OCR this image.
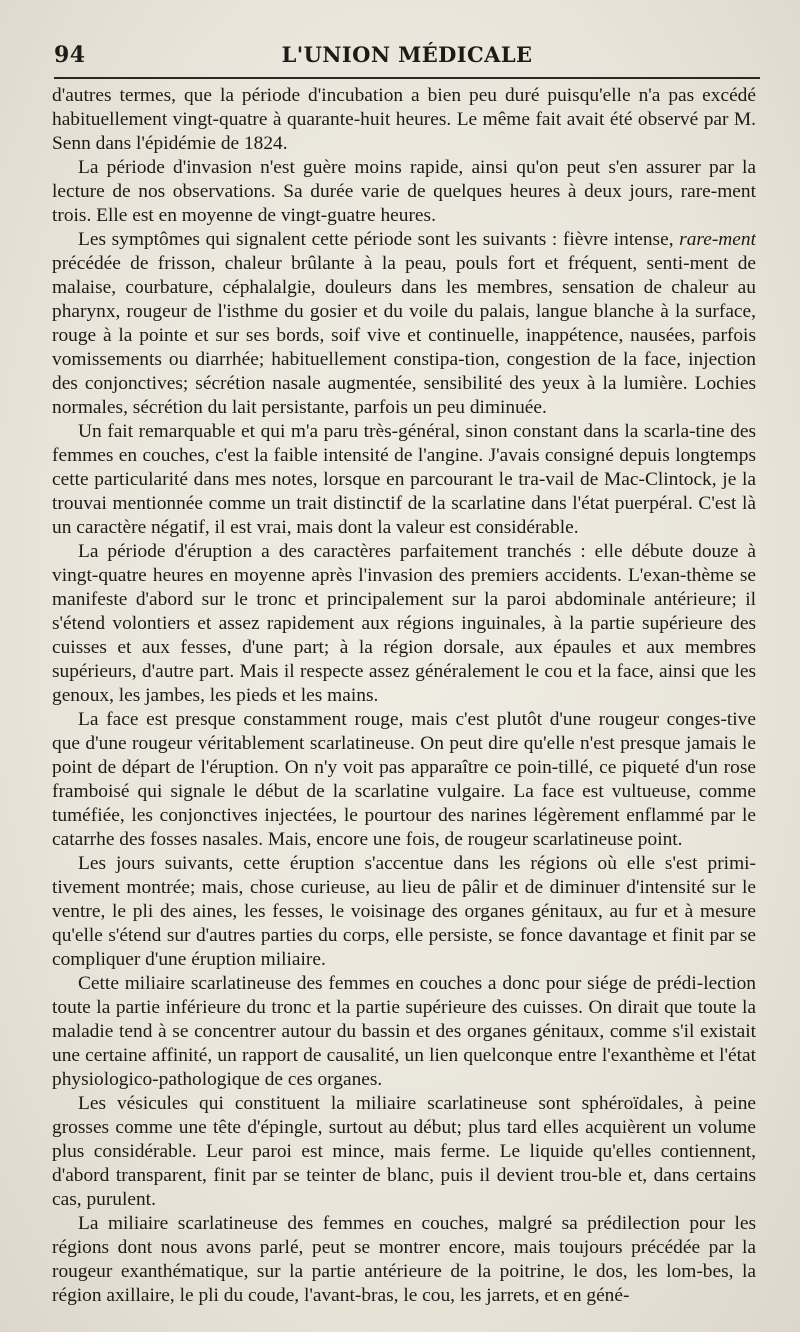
94	L'UNION MÉDICALE

d'autres termes, que la période d'incubation a bien peu duré puisqu'elle n'a pas excédé habituellement vingt-quatre à quarante-huit heures. Le même fait avait été observé par M. Senn dans l'épidémie de 1824.

La période d'invasion n'est guère moins rapide, ainsi qu'on peut s'en assurer par la lecture de nos observations. Sa durée varie de quelques heures à deux jours, rare-ment trois. Elle est en moyenne de vingt-guatre heures.

Les symptômes qui signalent cette période sont les suivants : fièvre intense, rare-ment précédée de frisson, chaleur brûlante à la peau, pouls fort et fréquent, senti-ment de malaise, courbature, céphalalgie, douleurs dans les membres, sensation de chaleur au pharynx, rougeur de l'isthme du gosier et du voile du palais, langue blanche à la surface, rouge à la pointe et sur ses bords, soif vive et continuelle, inappétence, nausées, parfois vomissements ou diarrhée; habituellement constipa-tion, congestion de la face, injection des conjonctives; sécrétion nasale augmentée, sensibilité des yeux à la lumière. Lochies normales, sécrétion du lait persistante, parfois un peu diminuée.

Un fait remarquable et qui m'a paru très-général, sinon constant dans la scarla-tine des femmes en couches, c'est la faible intensité de l'angine. J'avais consigné depuis longtemps cette particularité dans mes notes, lorsque en parcourant le tra-vail de Mac-Clintock, je la trouvai mentionnée comme un trait distinctif de la scarlatine dans l'état puerpéral. C'est là un caractère négatif, il est vrai, mais dont la valeur est considérable.

La période d'éruption a des caractères parfaitement tranchés : elle débute douze à vingt-quatre heures en moyenne après l'invasion des premiers accidents. L'exan-thème se manifeste d'abord sur le tronc et principalement sur la paroi abdominale antérieure; il s'étend volontiers et assez rapidement aux régions inguinales, à la partie supérieure des cuisses et aux fesses, d'une part; à la région dorsale, aux épaules et aux membres supérieurs, d'autre part. Mais il respecte assez généralement le cou et la face, ainsi que les genoux, les jambes, les pieds et les mains.

La face est presque constamment rouge, mais c'est plutôt d'une rougeur conges-tive que d'une rougeur véritablement scarlatineuse. On peut dire qu'elle n'est presque jamais le point de départ de l'éruption. On n'y voit pas apparaître ce poin-tillé, ce piqueté d'un rose framboisé qui signale le début de la scarlatine vulgaire. La face est vultueuse, comme tuméfiée, les conjonctives injectées, le pourtour des narines légèrement enflammé par le catarrhe des fosses nasales. Mais, encore une fois, de rougeur scarlatineuse point.

Les jours suivants, cette éruption s'accentue dans les régions où elle s'est primi-tivement montrée; mais, chose curieuse, au lieu de pâlir et de diminuer d'intensité sur le ventre, le pli des aines, les fesses, le voisinage des organes génitaux, au fur et à mesure qu'elle s'étend sur d'autres parties du corps, elle persiste, se fonce davantage et finit par se compliquer d'une éruption miliaire.

Cette miliaire scarlatineuse des femmes en couches a donc pour siége de prédi-lection toute la partie inférieure du tronc et la partie supérieure des cuisses. On dirait que toute la maladie tend à se concentrer autour du bassin et des organes génitaux, comme s'il existait une certaine affinité, un rapport de causalité, un lien quelconque entre l'exanthème et l'état physiologico-pathologique de ces organes.

Les vésicules qui constituent la miliaire scarlatineuse sont sphéroïdales, à peine grosses comme une tête d'épingle, surtout au début; plus tard elles acquièrent un volume plus considérable. Leur paroi est mince, mais ferme. Le liquide qu'elles contiennent, d'abord transparent, finit par se teinter de blanc, puis il devient trou-ble et, dans certains cas, purulent.

La miliaire scarlatineuse des femmes en couches, malgré sa prédilection pour les régions dont nous avons parlé, peut se montrer encore, mais toujours précédée par la rougeur exanthématique, sur la partie antérieure de la poitrine, le dos, les lom-bes, la région axillaire, le pli du coude, l'avant-bras, le cou, les jarrets, et en géné-
